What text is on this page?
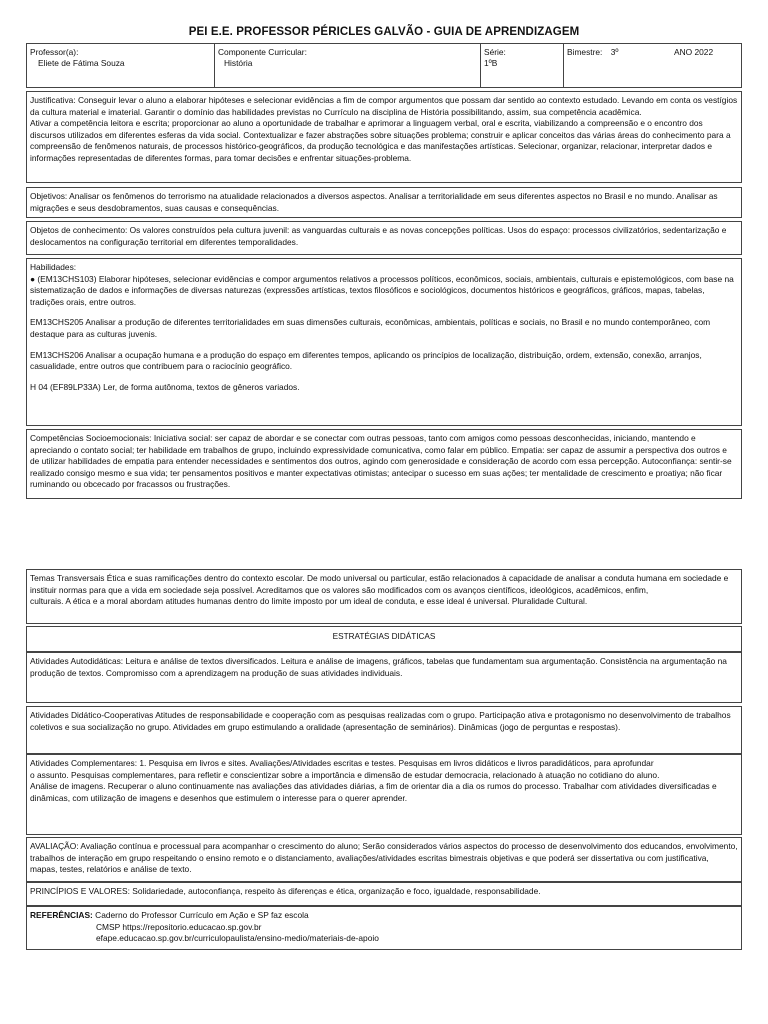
PEI E.E. PROFESSOR PÉRICLES GALVÃO - GUIA DE APRENDIZAGEM
Professor(a):
Eliete de Fátima Souza
Componente Curricular:
História
Série:
1ºB
Bimestre: 3º	ANO 2022

Justificativa: Conseguir levar o aluno a elaborar hipóteses e selecionar evidências a fim de compor argumentos que possam dar sentido ao contexto estudado. Levando em conta os vestígios da cultura material e imaterial. Garantir o domínio das habilidades previstas no Currículo na disciplina de História possibilitando, assim, sua competência acadêmica.

Ativar a competência leitora e escrita; proporcionar ao aluno a oportunidade de trabalhar e aprimorar a linguagem verbal, oral e escrita, viabilizando a compreensão e o encontro dos discursos utilizados em diferentes esferas da vida social. Contextualizar e fazer abstrações sobre situações problema; construir e aplicar conceitos das várias áreas do conhecimento para a compreensão de fenômenos naturais, de processos histórico-geográficos, da produção tecnológica e das manifestações artísticas. Selecionar, organizar, relacionar, interpretar dados e informações representadas de diferentes formas, para tomar decisões e enfrentar situações-problema.

Objetivos: Analisar os fenômenos do terrorismo na atualidade relacionados a diversos aspectos. Analisar a territorialidade em seus diferentes aspectos no Brasil e no mundo. Analisar as migrações e seus desdobramentos, suas causas e consequências.

Objetos de conhecimento: Os valores construídos pela cultura juvenil: as vanguardas culturais e as novas concepções políticas. Usos do espaço: processos civilizatórios, sedentarização e deslocamentos na configuração territorial em diferentes temporalidades.

Habilidades:

● (EM13CHS103) Elaborar hipóteses, selecionar evidências e compor argumentos relativos a processos políticos, econômicos, sociais, ambientais, culturais e epistemológicos, com base na sistematização de dados e informações de diversas naturezas (expressões artísticas, textos filosóficos e sociológicos, documentos históricos e geográficos, gráficos, mapas, tabelas, tradições orais, entre outros.

EM13CHS205 Analisar a produção de diferentes territorialidades em suas dimensões culturais, econômicas, ambientais, políticas e sociais, no Brasil e no mundo contemporâneo, com destaque para as culturas juvenis.

EM13CHS206 Analisar a ocupação humana e a produção do espaço em diferentes tempos, aplicando os princípios de localização, distribuição, ordem, extensão, conexão, arranjos, casualidade, entre outros que contribuem para o raciocínio geográfico.

H 04 (EF89LP33A) Ler, de forma autônoma, textos de gêneros variados.

Competências Socioemocionais: Iniciativa social: ser capaz de abordar e se conectar com outras pessoas, tanto com amigos como pessoas desconhecidas, iniciando, mantendo e apreciando o contato social; ter habilidade em trabalhos de grupo, incluindo expressividade comunicativa, como falar em público. Empatia: ser capaz de assumir a perspectiva dos outros e de utilizar habilidades de empatia para entender necessidades e sentimentos dos outros, agindo com generosidade e consideração de acordo com essa percepção. Autoconfiança: sentir-se realizado consigo mesmo e sua vida; ter pensamentos positivos e manter expectativas otimistas; antecipar o sucesso em suas ações; ter mentalidade de crescimento e proatiya; não ficar ruminando ou obcecado por fracassos ou frustrações.

Temas Transversais Ética e suas ramificações dentro do contexto escolar. De modo universal ou particular, estão relacionados à capacidade de analisar a conduta humana em sociedade e instituir normas para que a vida em sociedade seja possível. Acreditamos que os valores são modificados com os avanços científicos, ideológicos, acadêmicos, enfim,

culturais. A ética e a moral abordam atitudes humanas dentro do limite imposto por um ideal de conduta, e esse ideal é universal. Pluralidade Cultural.

ESTRATÉGIAS DIDÁTICAS

Atividades Autodidáticas: Leitura e análise de textos diversificados. Leitura e análise de imagens, gráficos, tabelas que fundamentam sua argumentação. Consistência na argumentação na produção de textos. Compromisso com a aprendizagem na produção de suas atividades individuais.

Atividades Didático-Cooperativas Atitudes de responsabilidade e cooperação com as pesquisas realizadas com o grupo. Participação ativa e protagonismo no desenvolvimento de trabalhos coletivos e sua socialização no grupo. Atividades em grupo estimulando a oralidade (apresentação de seminários). Dinâmicas (jogo de perguntas e respostas).

Atividades Complementares: 1. Pesquisa em livros e sites. Avaliações/Atividades escritas e testes. Pesquisas em livros didáticos e livros paradidáticos, para aprofundar

o assunto. Pesquisas complementares, para refletir e conscientizar sobre a importância e dimensão de estudar democracia, relacionado à atuação no cotidiano do aluno.

Análise de imagens. Recuperar o aluno continuamente nas avaliações das atividades diárias, a fim de orientar dia a dia os rumos do processo. Trabalhar com atividades diversificadas e dinâmicas, com utilização de imagens e desenhos que estimulem o interesse para o querer aprender.

AVALIAÇÃO: Avaliação contínua e processual para acompanhar o crescimento do aluno; Serão considerados vários aspectos do processo de desenvolvimento dos educandos, envolvimento, trabalhos de interação em grupo respeitando o ensino remoto e o distanciamento, avaliações/atividades escritas bimestrais objetivas e que poderá ser dissertativa ou com justificativa, mapas, testes, relatórios e análise de texto.

PRINCÍPIOS E VALORES: Solidariedade, autoconfiança, respeito às diferenças e ética, organização e foco, igualdade, responsabilidade.

REFERÊNCIAS: Caderno do Professor Currículo em Ação e SP faz escola

CMSP https://repositorio.educacao.sp.gov.br

efape.educacao.sp.gov.br/curriculopaulista/ensino-medio/materiais-de-apoio
